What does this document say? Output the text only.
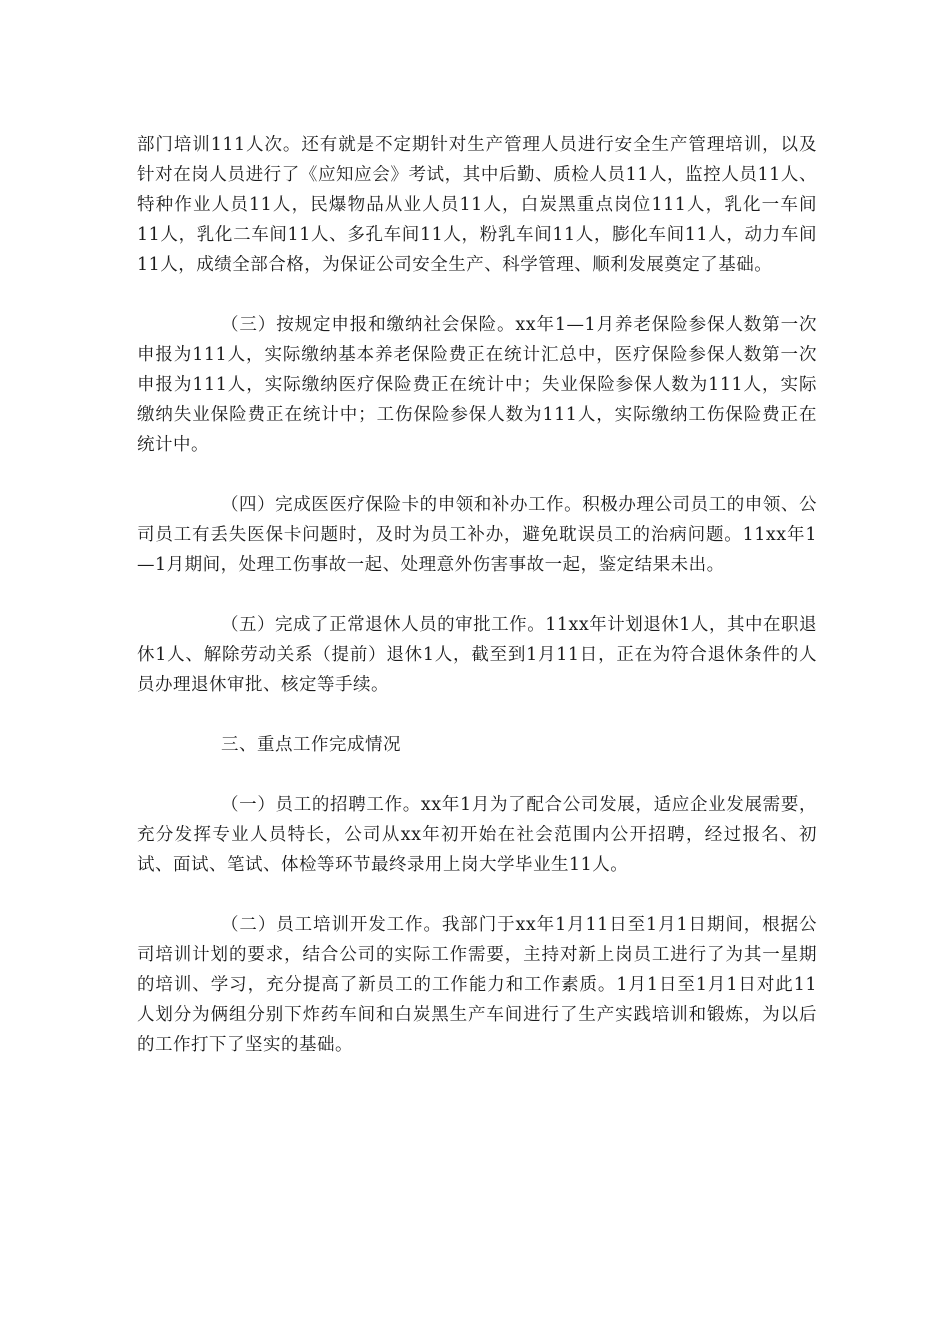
部门培训111人次。还有就是不定期针对生产管理人员进行安全生产管理培训，以及针对在岗人员进行了《应知应会》考试，其中后勤、质检人员11人，监控人员11人、特种作业人员11人，民爆物品从业人员11人，白炭黑重点岗位111人，乳化一车间11人，乳化二车间11人、多孔车间11人，粉乳车间11人，膨化车间11人，动力车间11人，成绩全部合格，为保证公司安全生产、科学管理、顺利发展奠定了基础。

（三）按规定申报和缴纳社会保险。xx年1—1月养老保险参保人数第一次申报为111人，实际缴纳基本养老保险费正在统计汇总中，医疗保险参保人数第一次申报为111人，实际缴纳医疗保险费正在统计中；失业保险参保人数为111人，实际缴纳失业保险费正在统计中；工伤保险参保人数为111人，实际缴纳工伤保险费正在统计中。

（四）完成医医疗保险卡的申领和补办工作。积极办理公司员工的申领、公司员工有丢失医保卡问题时，及时为员工补办，避免耽误员工的治病问题。11xx年1—1月期间，处理工伤事故一起、处理意外伤害事故一起，鉴定结果未出。

（五）完成了正常退休人员的审批工作。11xx年计划退休1人，其中在职退休1人、解除劳动关系（提前）退休1人，截至到1月11日，正在为符合退休条件的人员办理退休审批、核定等手续。

三、重点工作完成情况

（一）员工的招聘工作。xx年1月为了配合公司发展，适应企业发展需要，充分发挥专业人员特长，公司从xx年初开始在社会范围内公开招聘，经过报名、初试、面试、笔试、体检等环节最终录用上岗大学毕业生11人。

（二）员工培训开发工作。我部门于xx年1月11日至1月1日期间，根据公司培训计划的要求，结合公司的实际工作需要，主持对新上岗员工进行了为其一星期的培训、学习，充分提高了新员工的工作能力和工作素质。1月1日至1月1日对此11人划分为俩组分别下炸药车间和白炭黑生产车间进行了生产实践培训和锻炼，为以后的工作打下了坚实的基础。
